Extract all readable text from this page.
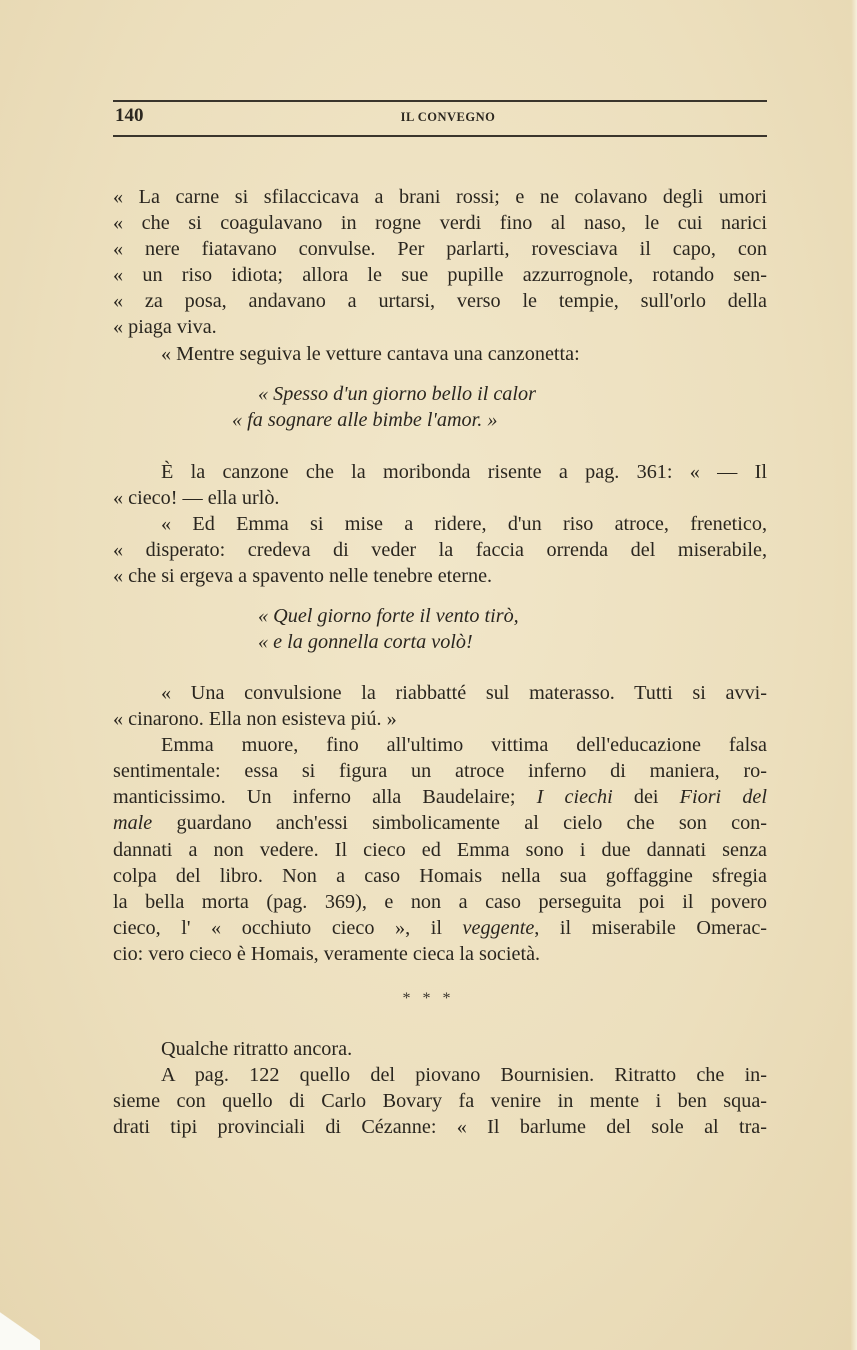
140	IL CONVEGNO
« La carne si sfilaccicava a brani rossi; e ne colavano degli umori
« che si coagulavano in rogne verdi fino al naso, le cui narici
« nere fiatavano convulse. Per parlarti, rovesciava il capo, con
« un riso idiota; allora le sue pupille azzurrognole, rotando sen-
« za posa, andavano a urtarsi, verso le tempie, sull'orlo della
« piaga viva.
« Mentre seguiva le vetture cantava una canzonetta:
« Spesso d'un giorno bello il calor
« fa sognare alle bimbe l'amor. »
È la canzone che la moribonda risente a pag. 361: « — Il
« cieco! — ella urlò.
« Ed Emma si mise a ridere, d'un riso atroce, frenetico,
« disperato: credeva di veder la faccia orrenda del miserabile,
« che si ergeva a spavento nelle tenebre eterne.
« Quel giorno forte il vento tirò,
« e la gonnella corta volò!
« Una convulsione la riabbatté sul materasso. Tutti si avvi-
« cinarono. Ella non esisteva piú. »
Emma muore, fino all'ultimo vittima dell'educazione falsa
sentimentale: essa si figura un atroce inferno di maniera, ro-
manticissimo. Un inferno alla Baudelaire; I ciechi dei Fiori del
male guardano anch'essi simbolicamente al cielo che son con-
dannati a non vedere. Il cieco ed Emma sono i due dannati senza
colpa del libro. Non a caso Homais nella sua goffaggine sfregia
la bella morta (pag. 369), e non a caso perseguita poi il povero
cieco, l' « occhiuto cieco », il veggente, il miserabile Omerac-
cio: vero cieco è Homais, veramente cieca la società.
* * *
Qualche ritratto ancora.
A pag. 122 quello del piovano Bournisien. Ritratto che in-
sieme con quello di Carlo Bovary fa venire in mente i ben squa-
drati tipi provinciali di Cézanne: « Il barlume del sole al tra-
